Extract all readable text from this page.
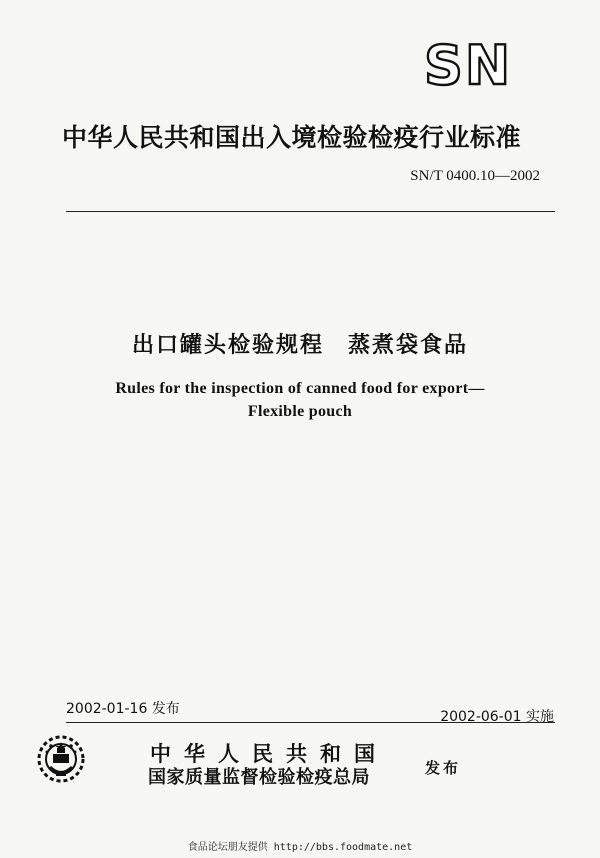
SN
中华人民共和国出入境检验检疫行业标准
SN/T 0400.10—2002
出口罐头检验规程　蒸煮袋食品
Rules for the inspection of canned food for export—
Flexible pouch
2002-01-16 发布	2002-06-01 实施
中华人民共和国
国家质量监督检验检疫总局	发布
食品论坛朋友提供 http://bbs.foodmate.net
